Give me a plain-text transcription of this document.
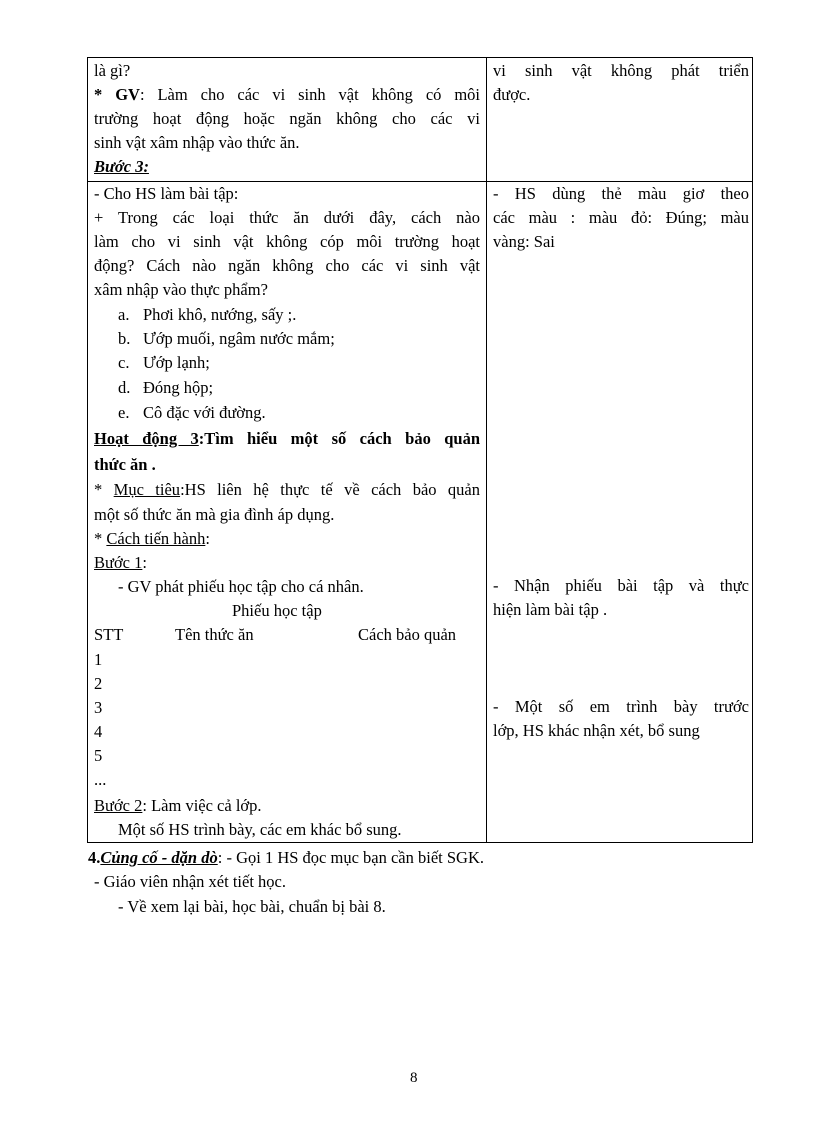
là gì?
* GV: Làm cho các vi sinh vật không có môi
trường hoạt động hoặc ngăn không cho các vi
sinh vật xâm nhập vào thức ăn.
Bước 3:
- Cho HS làm bài tập:
+ Trong các loại thức ăn dưới đây, cách nào
làm cho vi sinh vật không cóp môi trường hoạt
động? Cách nào ngăn không cho các vi sinh vật
xâm nhập vào thực phẩm?
a. Phơi khô, nướng, sấy ;.
b. Ướp muối, ngâm nước mắm;
c. Ướp lạnh;
d. Đóng hộp;
e. Cô đặc với đường.
Hoạt động 3:Tìm hiểu một số cách bảo quản
thức ăn .
* Mục tiêu:HS liên hệ thực tế về cách bảo quản
một số thức ăn mà gia đình áp dụng.
* Cách tiến hành:
Bước 1:
- GV phát phiếu học tập cho cá nhân.
Phiếu học tập
STT	Tên thức ăn	Cách bảo quản
1
2
3
4
5
...
Bước 2: Làm việc cả lớp.
Một số HS trình bày, các em khác bổ sung.
vi sinh vật không phát triển
được.
- HS dùng thẻ màu giơ theo
các màu : màu đỏ: Đúng; màu
vàng: Sai
- Nhận phiếu bài tập và thực
hiện làm bài tập .
- Một số em trình bày trước
lớp, HS khác nhận xét, bổ sung
4.Củng cố - dặn dò: - Gọi 1 HS đọc mục bạn cần biết SGK.
- Giáo viên nhận xét tiết học.
- Về xem lại bài, học bài, chuẩn bị bài 8.
8
